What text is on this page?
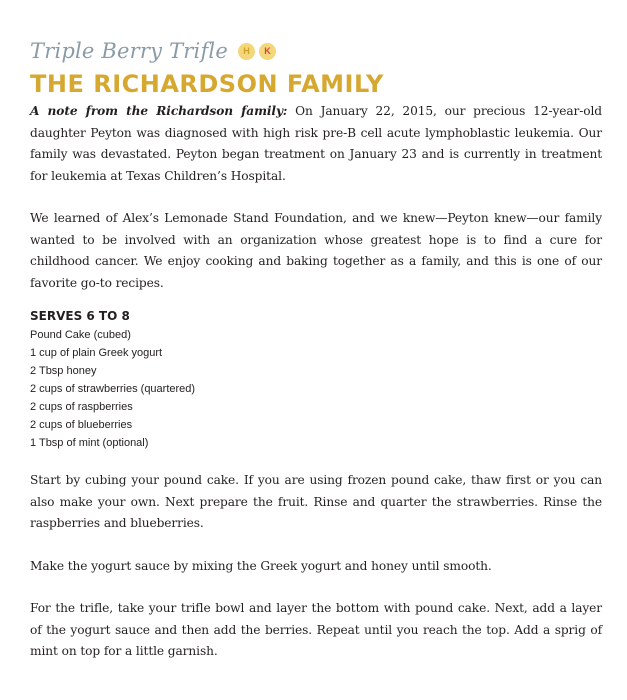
Triple Berry Trifle	H	K
THE RICHARDSON FAMILY

A note from the Richardson family: On January 22, 2015, our precious 12-year-old daughter Peyton was diagnosed with high risk pre-B cell acute lymphoblastic leukemia. Our family was devastated. Peyton began treatment on January 23 and is currently in treatment for leukemia at Texas Children’s Hospital.

We learned of Alex’s Lemonade Stand Foundation, and we knew—Peyton knew—our family wanted to be involved with an organization whose greatest hope is to find a cure for childhood cancer. We enjoy cooking and baking together as a family, and this is one of our favorite go-to recipes.

SERVES 6 TO 8
Pound Cake (cubed)
1 cup of plain Greek yogurt
2 Tbsp honey
2 cups of strawberries (quartered)
2 cups of raspberries
2 cups of blueberries
1 Tbsp of mint (optional)

Start by cubing your pound cake. If you are using frozen pound cake, thaw first or you can also make your own. Next prepare the fruit. Rinse and quarter the strawberries. Rinse the raspberries and blueberries.

Make the yogurt sauce by mixing the Greek yogurt and honey until smooth.

For the trifle, take your trifle bowl and layer the bottom with pound cake. Next, add a layer of the yogurt sauce and then add the berries. Repeat until you reach the top. Add a sprig of mint on top for a little garnish.
